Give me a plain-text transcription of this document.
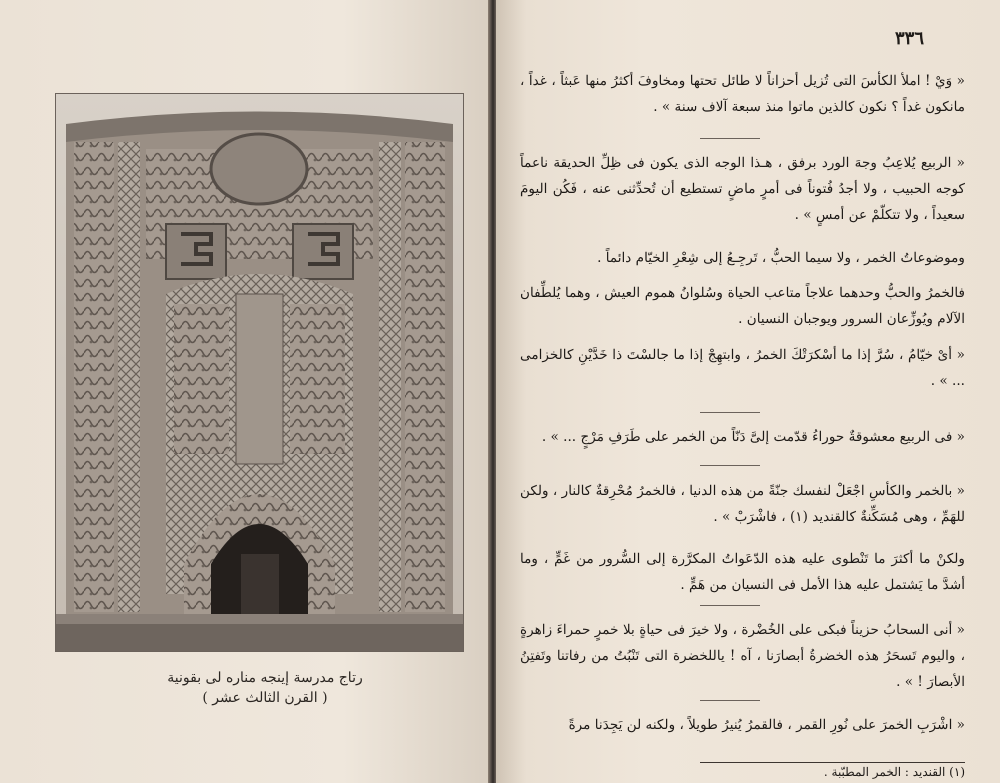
رتاج مدرسة إينجه مناره لى بقونية
( القرن الثالث عشر )
٣٣٦
« وَيْ ! املأ الكأسَ التى تُزيل أحزاناً لا طائل تحتها ومخاوفَ أكثرُ منها عَبثاً ، غداً ، مانكون غداً ؟ نكون كالذين ماتوا منذ سبعة آلاف سنة » .
« الربيع يُلاعِبُ وجهَ الورد برفق ، هـذا الوجه الذى يكون فى ظِلِّ الحديقة ناعماً كوجه الحبيب ، ولا أجدُ فُتوناً فى أمرٍ ماضٍ تستطيع أن تُحدِّثنى عنه ، فَكُن اليومَ سعيداً ، ولا تتكلّمْ عن أمسٍ » .
وموضوعاتُ الخمر ، ولا سيما الحبُّ ، تَرجِـعُ إلى شِعْرِ الخيّام دائماً .
فالخمرُ والحبُّ وحدهما علاجاً متاعب الحياة وسُلوانُ هموم العيش ، وهما يُلطِّفان الآلام ويُوزِّعان السرور ويوجبان النسيان .
« أىْ خيّامُ ، سُرَّ إذا ما أسْكرَتْكَ الخمرُ ، وابتهِجْ إذا ما جالسْتَ ذا خَدَّيْنِ كالخزامى ... » .
« فى الربيع معشوقةٌ حوراءُ قدّمت إلىَّ دَنّاً من الخمر على طَرَفِ مَرْجٍ ... » .
« بالخمر والكأسِ اجْعَلْ لنفسك جنّةً من هذه الدنيا ، فالخمرُ مُحْرِقةٌ كالنار ، ولكن للهَمِّ ، وهى مُسَكِّنةٌ كالقنديد (١) ، فاشْرَبْ » .
ولكنْ ما أكثرَ ما تَنْطوى عليه هذه الدّعَواتُ المكرَّرة إلى السُّرور من غَمٍّ ، وما أشدَّ ما يَشتمل عليه هذا الأمل فى النسيان من هَمٍّ .
« أنى السحابُ حزيناً فبكى على الخُضْرة ، ولا خيرَ فى حياةٍ بلا خمرٍ حمراءَ زاهرةٍ ، واليوم تَسحَرُ هذه الخضرةُ أبصارَنا ، آه ! ياللخضرة التى تَنْبُتُ من رفاتنا وتَفتِنُ الأبصارَ ! » .
« اشْرَبِ الخمرَ على نُورِ القمر ، فالقمرُ يُنيرُ طويلاً ، ولكنه لن يَجِدَنا مرةً
(١) القنديد : الخمر المطبّبة .
